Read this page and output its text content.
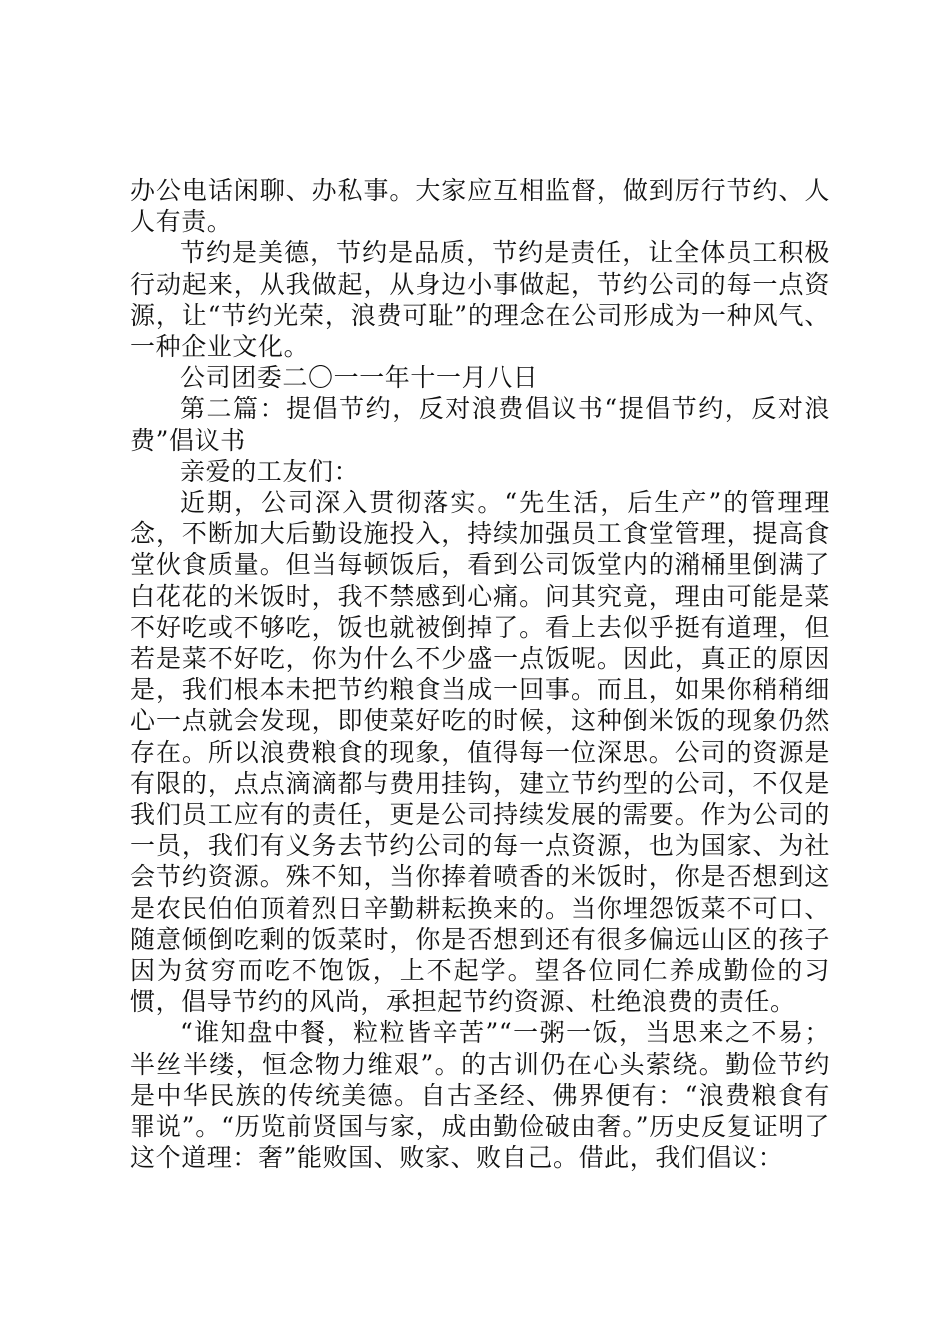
办公电话闲聊、办私事。大家应互相监督，做到厉行节约、人人有责。

节约是美德，节约是品质，节约是责任，让全体员工积极行动起来，从我做起，从身边小事做起，节约公司的每一点资源，让“节约光荣，浪费可耻”的理念在公司形成为一种风气、一种企业文化。

公司团委二〇一一年十一月八日

第二篇：提倡节约，反对浪费倡议书“提倡节约，反对浪费”倡议书

亲爱的工友们：

近期，公司深入贯彻落实。“先生活，后生产”的管理理念，不断加大后勤设施投入，持续加强员工食堂管理，提高食堂伙食质量。但当每顿饭后，看到公司饭堂内的潲桶里倒满了白花花的米饭时，我不禁感到心痛。问其究竟，理由可能是菜不好吃或不够吃，饭也就被倒掉了。看上去似乎挺有道理，但若是菜不好吃，你为什么不少盛一点饭呢。因此，真正的原因是，我们根本未把节约粮食当成一回事。而且，如果你稍稍细心一点就会发现，即使菜好吃的时候，这种倒米饭的现象仍然存在。所以浪费粮食的现象，值得每一位深思。公司的资源是有限的，点点滴滴都与费用挂钩，建立节约型的公司，不仅是我们员工应有的责任，更是公司持续发展的需要。作为公司的一员，我们有义务去节约公司的每一点资源，也为国家、为社会节约资源。殊不知，当你捧着喷香的米饭时，你是否想到这是农民伯伯顶着烈日辛勤耕耘换来的。当你埋怨饭菜不可口、随意倾倒吃剩的饭菜时，你是否想到还有很多偏远山区的孩子因为贫穷而吃不饱饭，上不起学。望各位同仁养成勤俭的习惯，倡导节约的风尚，承担起节约资源、杜绝浪费的责任。

“谁知盘中餐，粒粒皆辛苦”“一粥一饭，当思来之不易；半丝半缕，恒念物力维艰”。的古训仍在心头萦绕。勤俭节约是中华民族的传统美德。自古圣经、佛界便有：“浪费粮食有罪说”。“历览前贤国与家，成由勤俭破由奢。”历史反复证明了这个道理：奢”能败国、败家、败自己。借此，我们倡议：
